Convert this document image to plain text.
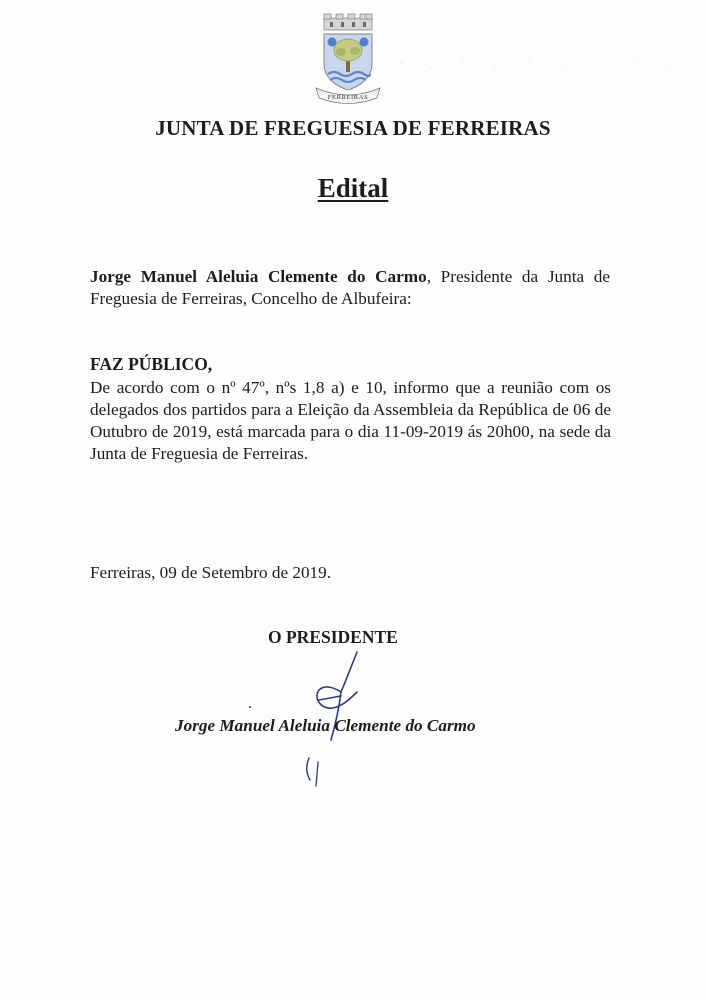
FERREIRAS
JUNTA DE FREGUESIA DE FERREIRAS
Edital
Jorge Manuel Aleluia Clemente do Carmo, Presidente da Junta de Freguesia de Ferreiras, Concelho de Albufeira:
FAZ PÚBLICO,
De acordo com o nº 47º, nºs 1,8 a) e 10, informo que a reunião com os delegados dos partidos para a Eleição da Assembleia da República de 06 de Outubro de 2019, está marcada para o dia 11-09-2019 ás 20h00, na sede da Junta de Freguesia de Ferreiras.
Ferreiras, 09 de Setembro de 2019.
O PRESIDENTE
Jorge Manuel Aleluia Clemente do Carmo
